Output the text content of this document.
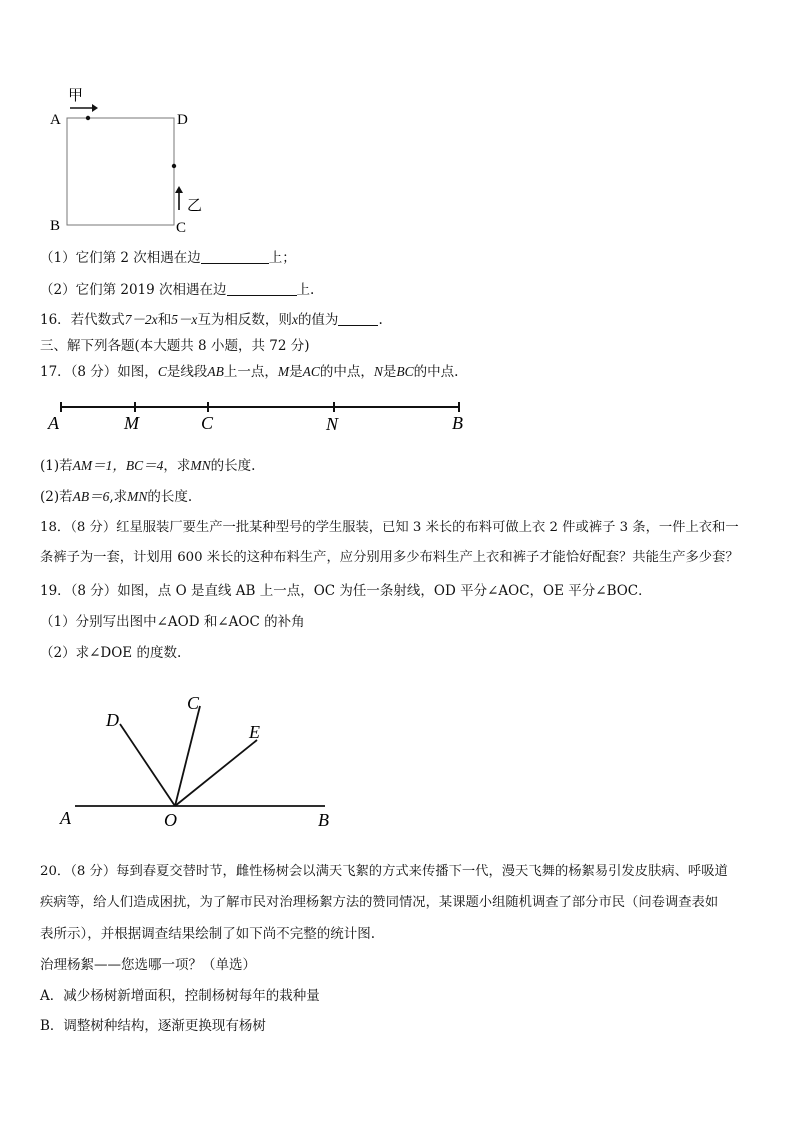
甲
A	D
B	C
乙
（1）它们第 2 次相遇在边	上；
（2）它们第 2019 次相遇在边	上.
16．若代数式7－2x和5－x互为相反数，则x的值为	.
三、解下列各题(本大题共 8 小题，共 72 分)
17．（8 分）如图，C是线段AB上一点，M是AC的中点，N是BC的中点.
A	M	C	N	B
(1)若AM＝1，BC＝4，求MN的长度.
(2)若AB＝6,求MN的长度.
18．（8 分）红星服装厂要生产一批某种型号的学生服装，已知 3 米长的布料可做上衣 2 件或裤子 3 条，一件上衣和一
条裤子为一套，计划用 600 米长的这种布料生产，应分别用多少布料生产上衣和裤子才能恰好配套？共能生产多少套？
19．（8 分）如图，点 O 是直线 AB 上一点，OC 为任一条射线，OD 平分∠AOC，OE 平分∠BOC．
（1）分别写出图中∠AOD 和∠AOC 的补角
（2）求∠DOE 的度数.
A	O	B
D
C
E
20．（8 分）每到春夏交替时节，雌性杨树会以满天飞絮的方式来传播下一代，漫天飞舞的杨絮易引发皮肤病、呼吸道
疾病等，给人们造成困扰，为了解市民对治理杨絮方法的赞同情况，某课题小组随机调查了部分市民（问卷调查表如
表所示），并根据调查结果绘制了如下尚不完整的统计图.
治理杨絮——您选哪一项？（单选）
A．减少杨树新增面积，控制杨树每年的栽种量
B．调整树种结构，逐渐更换现有杨树
